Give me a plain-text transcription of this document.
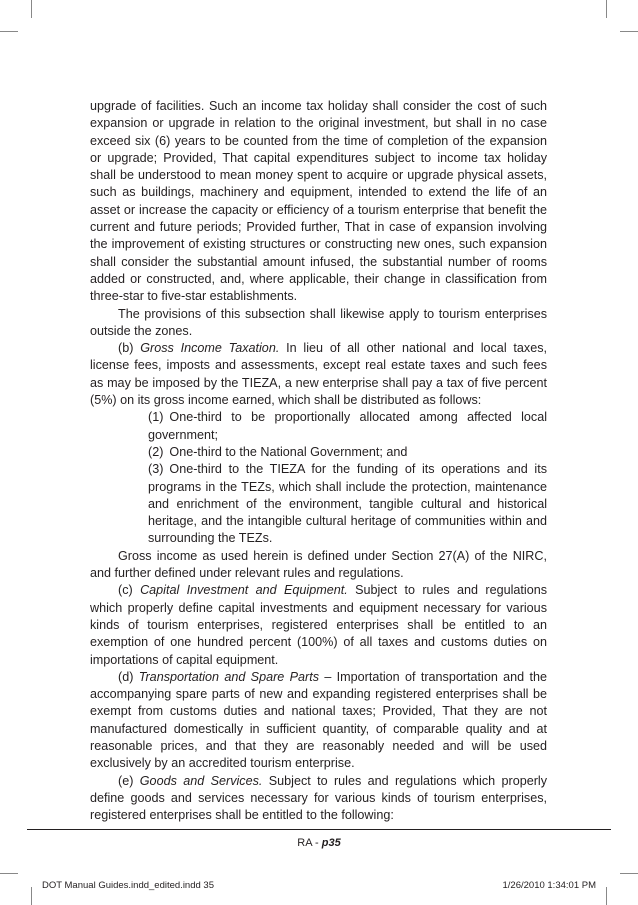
upgrade of facilities. Such an income tax holiday shall consider the cost of such expansion or upgrade in relation to the original investment, but shall in no case exceed six (6) years to be counted from the time of completion of the expansion or upgrade; Provided, That capital expenditures subject to income tax holiday shall be understood to mean money spent to acquire or upgrade physical assets, such as buildings, machinery and equipment, intended to extend the life of an asset or increase the capacity or efficiency of a tourism enterprise that benefit the current and future periods; Provided further, That in case of expansion involving the improvement of existing structures or constructing new ones, such expansion shall consider the substantial amount infused, the substantial number of rooms added or constructed, and, where applicable, their change in classification from three-star to five-star establishments.

The provisions of this subsection shall likewise apply to tourism enterprises outside the zones.

(b) Gross Income Taxation. In lieu of all other national and local taxes, license fees, imposts and assessments, except real estate taxes and such fees as may be imposed by the TIEZA, a new enterprise shall pay a tax of five percent (5%) on its gross income earned, which shall be distributed as follows:

(1) One-third to be proportionally allocated among affected local government;

(2) One-third to the National Government; and

(3) One-third to the TIEZA for the funding of its operations and its programs in the TEZs, which shall include the protection, maintenance and enrichment of the environment, tangible cultural and historical heritage, and the intangible cultural heritage of communities within and surrounding the TEZs.

Gross income as used herein is defined under Section 27(A) of the NIRC, and further defined under relevant rules and regulations.

(c) Capital Investment and Equipment. Subject to rules and regulations which properly define capital investments and equipment necessary for various kinds of tourism enterprises, registered enterprises shall be entitled to an exemption of one hundred percent (100%) of all taxes and customs duties on importations of capital equipment.

(d) Transportation and Spare Parts – Importation of transportation and the accompanying spare parts of new and expanding registered enterprises shall be exempt from customs duties and national taxes; Provided, That they are not manufactured domestically in sufficient quantity, of comparable quality and at reasonable prices, and that they are reasonably needed and will be used exclusively by an accredited tourism enterprise.

(e) Goods and Services. Subject to rules and regulations which properly define goods and services necessary for various kinds of tourism enterprises, registered enterprises shall be entitled to the following:

RA - p35
DOT Manual Guides.indd_edited.indd 35	1/26/2010 1:34:01 PM
